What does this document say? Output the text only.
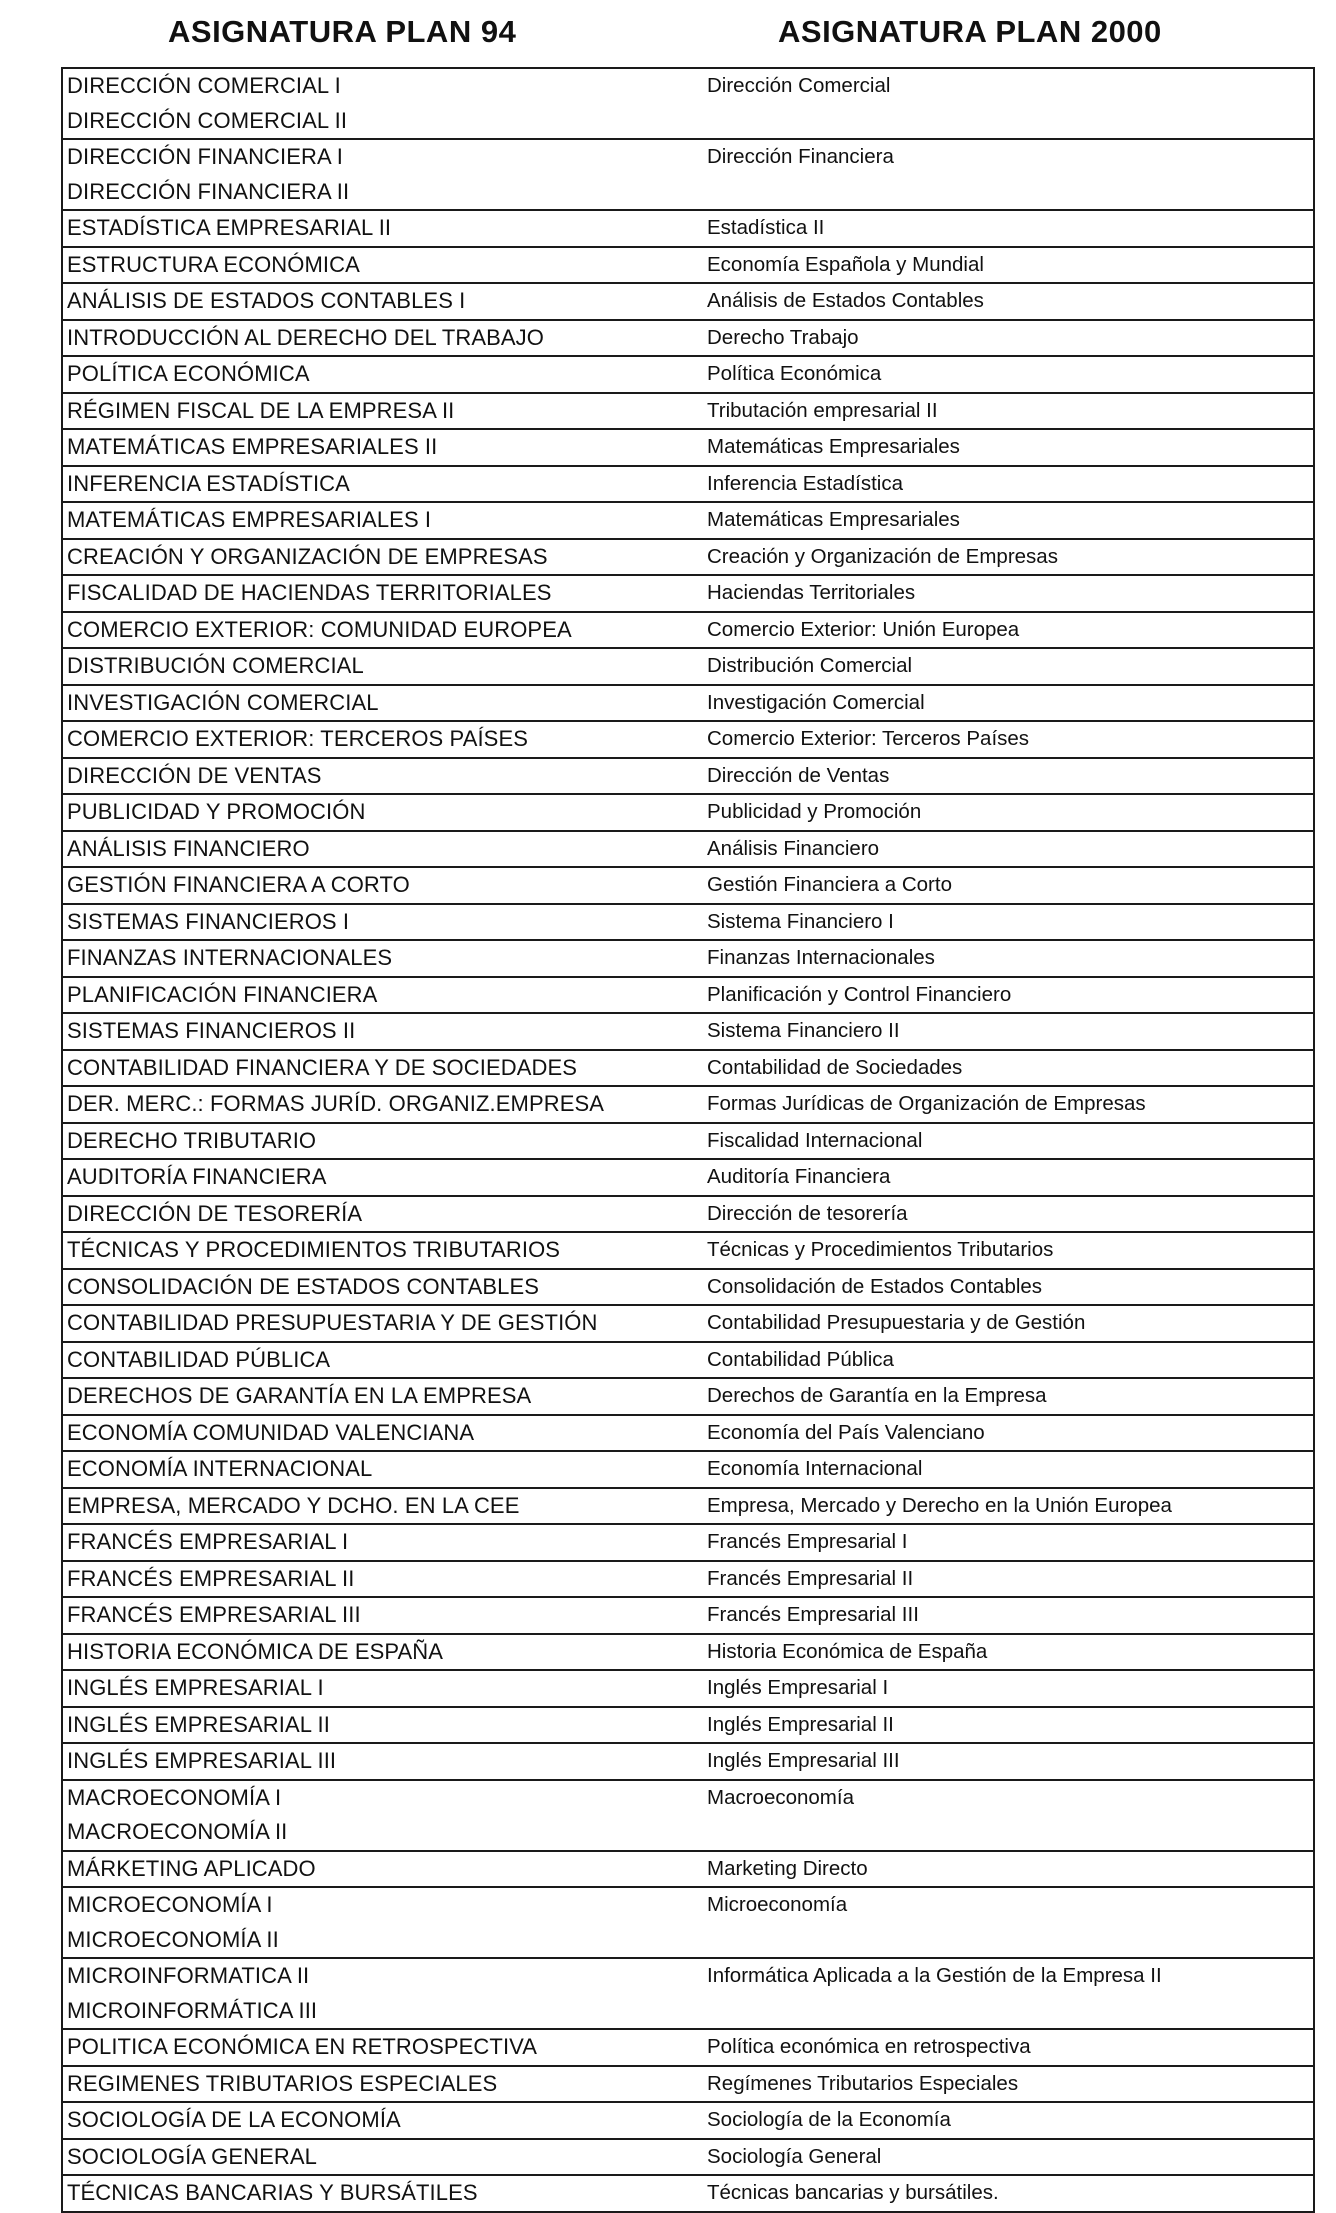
ASIGNATURA PLAN 94	ASIGNATURA PLAN 2000
DIRECCIÓN COMERCIAL I
DIRECCIÓN COMERCIAL II	Dirección Comercial

DIRECCIÓN FINANCIERA I
DIRECCIÓN FINANCIERA II	Dirección Financiera

ESTADÍSTICA EMPRESARIAL II	Estadística II

ESTRUCTURA ECONÓMICA	Economía Española y Mundial

ANÁLISIS DE ESTADOS CONTABLES I	Análisis de Estados Contables

INTRODUCCIÓN AL DERECHO DEL TRABAJO	Derecho Trabajo

POLÍTICA ECONÓMICA	Política Económica

RÉGIMEN FISCAL DE LA EMPRESA II	Tributación empresarial II

MATEMÁTICAS EMPRESARIALES II	Matemáticas Empresariales

INFERENCIA ESTADÍSTICA	Inferencia Estadística

MATEMÁTICAS EMPRESARIALES I	Matemáticas Empresariales

CREACIÓN Y ORGANIZACIÓN DE EMPRESAS	Creación y Organización de Empresas

FISCALIDAD DE HACIENDAS TERRITORIALES	Haciendas Territoriales

COMERCIO EXTERIOR: COMUNIDAD EUROPEA	Comercio Exterior: Unión Europea

DISTRIBUCIÓN COMERCIAL	Distribución Comercial

INVESTIGACIÓN COMERCIAL	Investigación Comercial

COMERCIO EXTERIOR: TERCEROS PAÍSES	Comercio Exterior: Terceros Países

DIRECCIÓN DE VENTAS	Dirección de Ventas

PUBLICIDAD Y PROMOCIÓN	Publicidad y Promoción

ANÁLISIS FINANCIERO	Análisis Financiero

GESTIÓN FINANCIERA A CORTO	Gestión Financiera a Corto

SISTEMAS FINANCIEROS I	Sistema Financiero I

FINANZAS INTERNACIONALES	Finanzas Internacionales

PLANIFICACIÓN FINANCIERA	Planificación y Control Financiero

SISTEMAS FINANCIEROS II	Sistema Financiero II

CONTABILIDAD FINANCIERA Y DE SOCIEDADES	Contabilidad de Sociedades

DER. MERC.: FORMAS JURÍD. ORGANIZ.EMPRESA	Formas Jurídicas de Organización de Empresas

DERECHO TRIBUTARIO	Fiscalidad Internacional

AUDITORÍA FINANCIERA	Auditoría Financiera

DIRECCIÓN DE TESORERÍA	Dirección de tesorería

TÉCNICAS Y PROCEDIMIENTOS TRIBUTARIOS	Técnicas y Procedimientos Tributarios

CONSOLIDACIÓN DE ESTADOS CONTABLES	Consolidación de Estados Contables

CONTABILIDAD PRESUPUESTARIA Y DE GESTIÓN	Contabilidad Presupuestaria y de Gestión

CONTABILIDAD PÚBLICA	Contabilidad Pública

DERECHOS DE GARANTÍA EN LA EMPRESA	Derechos de Garantía en la Empresa

ECONOMÍA COMUNIDAD VALENCIANA	Economía del País Valenciano

ECONOMÍA INTERNACIONAL	Economía Internacional

EMPRESA, MERCADO Y DCHO. EN LA CEE	Empresa, Mercado y Derecho en la Unión Europea

FRANCÉS EMPRESARIAL I	Francés Empresarial I

FRANCÉS EMPRESARIAL II	Francés Empresarial II

FRANCÉS EMPRESARIAL III	Francés Empresarial III

HISTORIA ECONÓMICA DE ESPAÑA	Historia Económica de España

INGLÉS EMPRESARIAL I	Inglés Empresarial I

INGLÉS EMPRESARIAL II	Inglés Empresarial II

INGLÉS EMPRESARIAL III	Inglés Empresarial III

MACROECONOMÍA I
MACROECONOMÍA II	Macroeconomía

MÁRKETING APLICADO	Marketing Directo

MICROECONOMÍA I
MICROECONOMÍA II	Microeconomía

MICROINFORMATICA II
MICROINFORMÁTICA III	Informática Aplicada a la Gestión de la Empresa II

POLITICA ECONÓMICA EN RETROSPECTIVA	Política económica en retrospectiva

REGIMENES TRIBUTARIOS ESPECIALES	Regímenes Tributarios Especiales

SOCIOLOGÍA DE LA ECONOMÍA	Sociología de la Economía

SOCIOLOGÍA GENERAL	Sociología General

TÉCNICAS BANCARIAS Y BURSÁTILES	Técnicas bancarias y bursátiles.
